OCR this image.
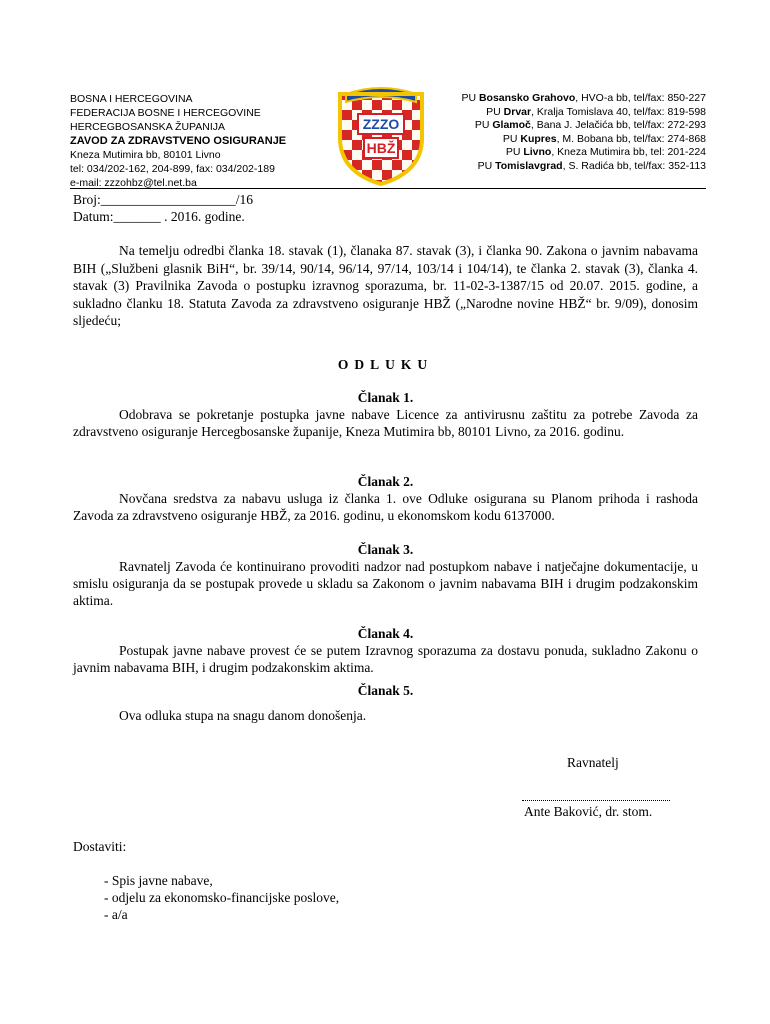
BOSNA I HERCEGOVINA
FEDERACIJA BOSNE I HERCEGOVINE
HERCEGBOSANSKA ŽUPANIJA
ZAVOD ZA ZDRAVSTVENO OSIGURANJE
Kneza Mutimira bb, 80101 Livno
tel: 034/202-162, 204-899, fax: 034/202-189
e-mail: zzzohbz@tel.net.ba
ZZZO
HBŽ
PU Bosansko Grahovo, HVO-a bb, tel/fax: 850-227
PU Drvar, Kralja Tomislava 40, tel/fax: 819-598
PU Glamoč, Bana J. Jelačića bb, tel/fax: 272-293
PU Kupres, M. Bobana bb, tel/fax: 274-868
PU Livno, Kneza Mutimira bb, tel: 201-224
PU Tomislavgrad, S. Radića bb, tel/fax: 352-113
Broj:____________________/16
Datum:_______ . 2016. godine.
Na temelju odredbi članka 18. stavak (1), članaka 87. stavak (3), i članka 90. Zakona o javnim nabavama BIH („Službeni glasnik BiH“, br. 39/14, 90/14, 96/14, 97/14, 103/14 i 104/14), te članka 2. stavak (3), članka 4. stavak (3) Pravilnika Zavoda o postupku izravnog sporazuma, br. 11-02-3-1387/15 od 20.07. 2015. godine, a sukladno članku 18. Statuta Zavoda za zdravstveno osiguranje HBŽ („Narodne novine HBŽ“ br. 9/09), donosim sljedeću;
ODLUKU
Članak 1.
Odobrava se pokretanje postupka javne nabave Licence za antivirusnu zaštitu za potrebe Zavoda za zdravstveno osiguranje Hercegbosanske županije, Kneza Mutimira bb, 80101 Livno, za 2016. godinu.
Članak 2.
Novčana sredstva za nabavu usluga iz članka 1. ove Odluke osigurana su Planom prihoda i rashoda Zavoda za zdravstveno osiguranje HBŽ, za 2016. godinu, u ekonomskom kodu 6137000.
Članak 3.
Ravnatelj Zavoda će kontinuirano provoditi nadzor nad postupkom nabave i natječajne dokumentacije, u smislu osiguranja da se postupak provede u skladu sa Zakonom o javnim nabavama BIH i drugim podzakonskim aktima.
Članak 4.
Postupak javne nabave provest će se putem Izravnog sporazuma za dostavu ponuda, sukladno Zakonu o javnim nabavama BIH, i drugim podzakonskim aktima.
Članak 5.
Ova odluka stupa na snagu danom donošenja.
Ravnatelj
Ante Baković, dr. stom.
Dostaviti:
- Spis javne nabave,
- odjelu za ekonomsko-financijske poslove,
- a/a
